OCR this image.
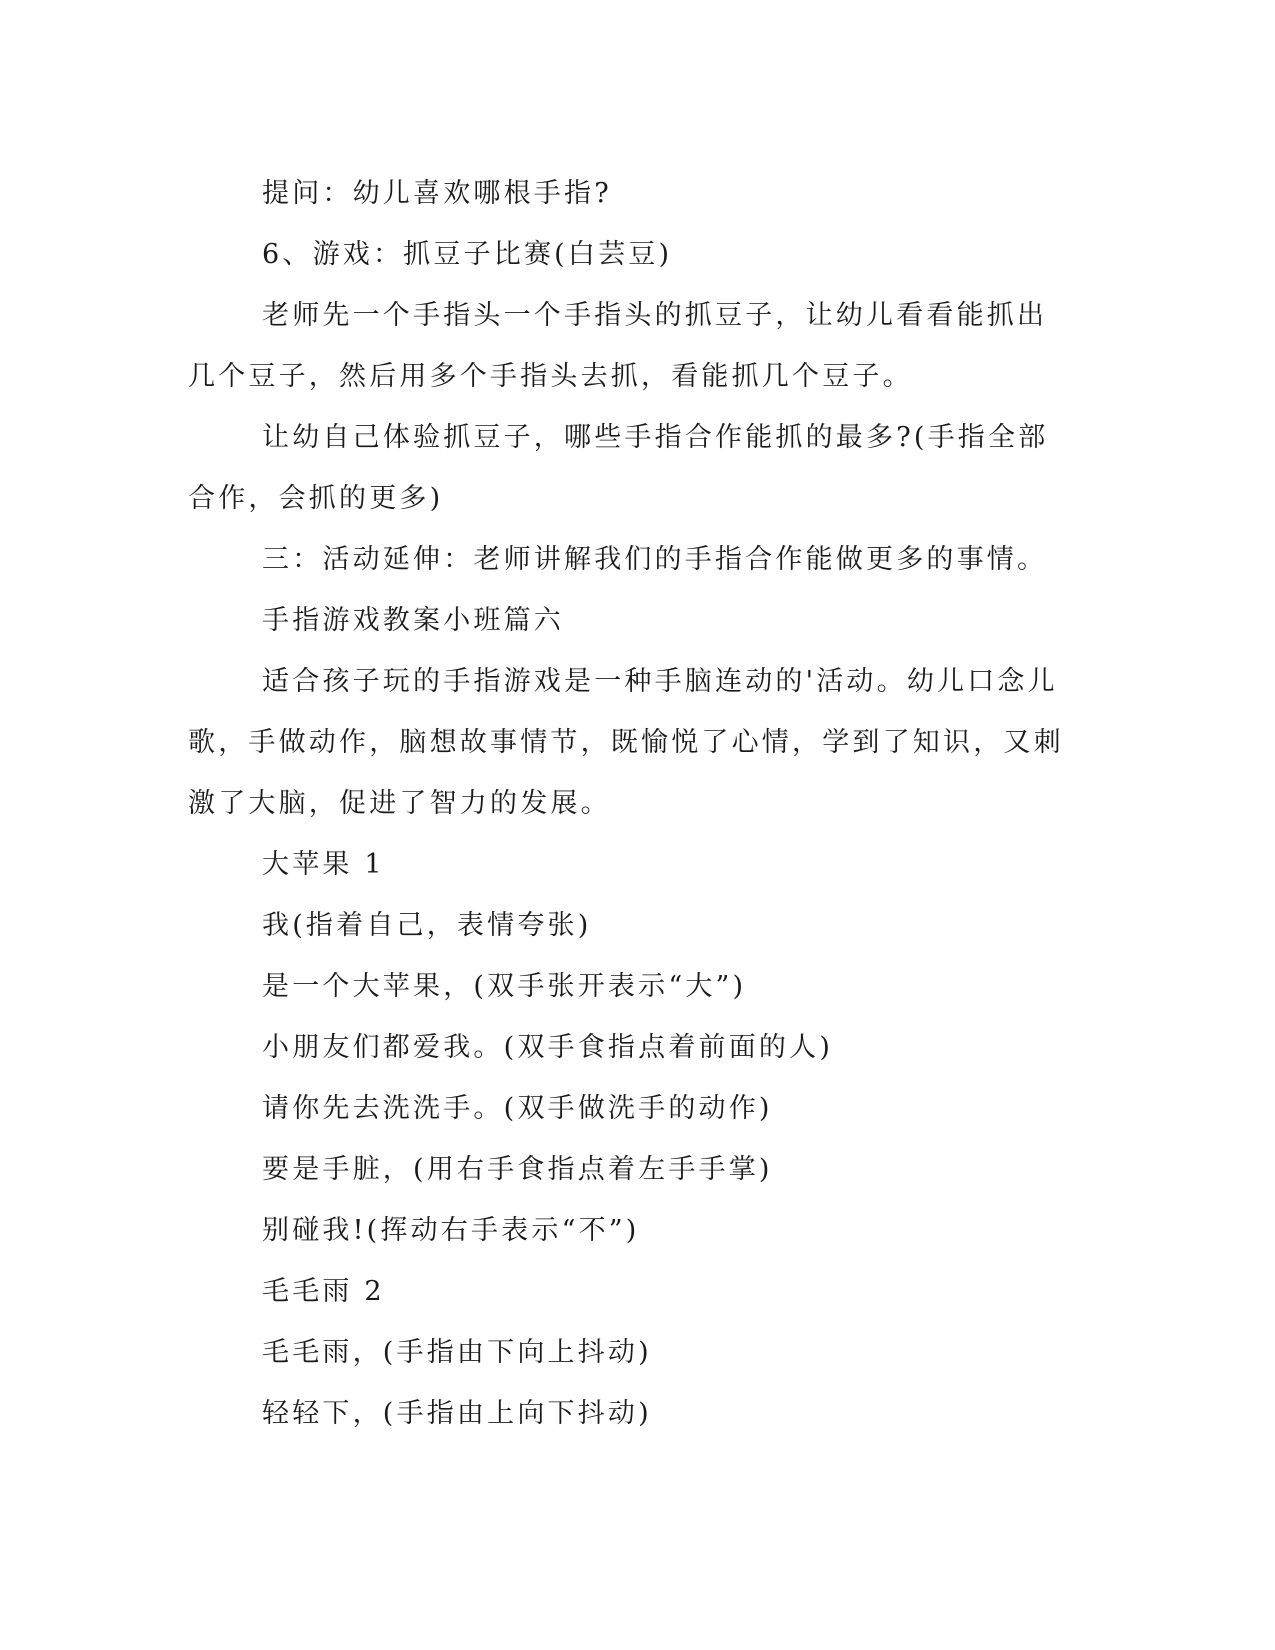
提问：幼儿喜欢哪根手指?

6、游戏：抓豆子比赛(白芸豆)

老师先一个手指头一个手指头的抓豆子，让幼儿看看能抓出几个豆子，然后用多个手指头去抓，看能抓几个豆子。

让幼自己体验抓豆子，哪些手指合作能抓的最多?(手指全部合作，会抓的更多)

三：活动延伸：老师讲解我们的手指合作能做更多的事情。

手指游戏教案小班篇六

适合孩子玩的手指游戏是一种手脑连动的'活动。幼儿口念儿歌，手做动作，脑想故事情节，既愉悦了心情，学到了知识，又刺激了大脑，促进了智力的发展。

大苹果 1

我(指着自己，表情夸张)

是一个大苹果，(双手张开表示“大”)

小朋友们都爱我。(双手食指点着前面的人)

请你先去洗洗手。(双手做洗手的动作)

要是手脏，(用右手食指点着左手手掌)

别碰我!(挥动右手表示“不”)

毛毛雨 2

毛毛雨，(手指由下向上抖动)

轻轻下，(手指由上向下抖动)
